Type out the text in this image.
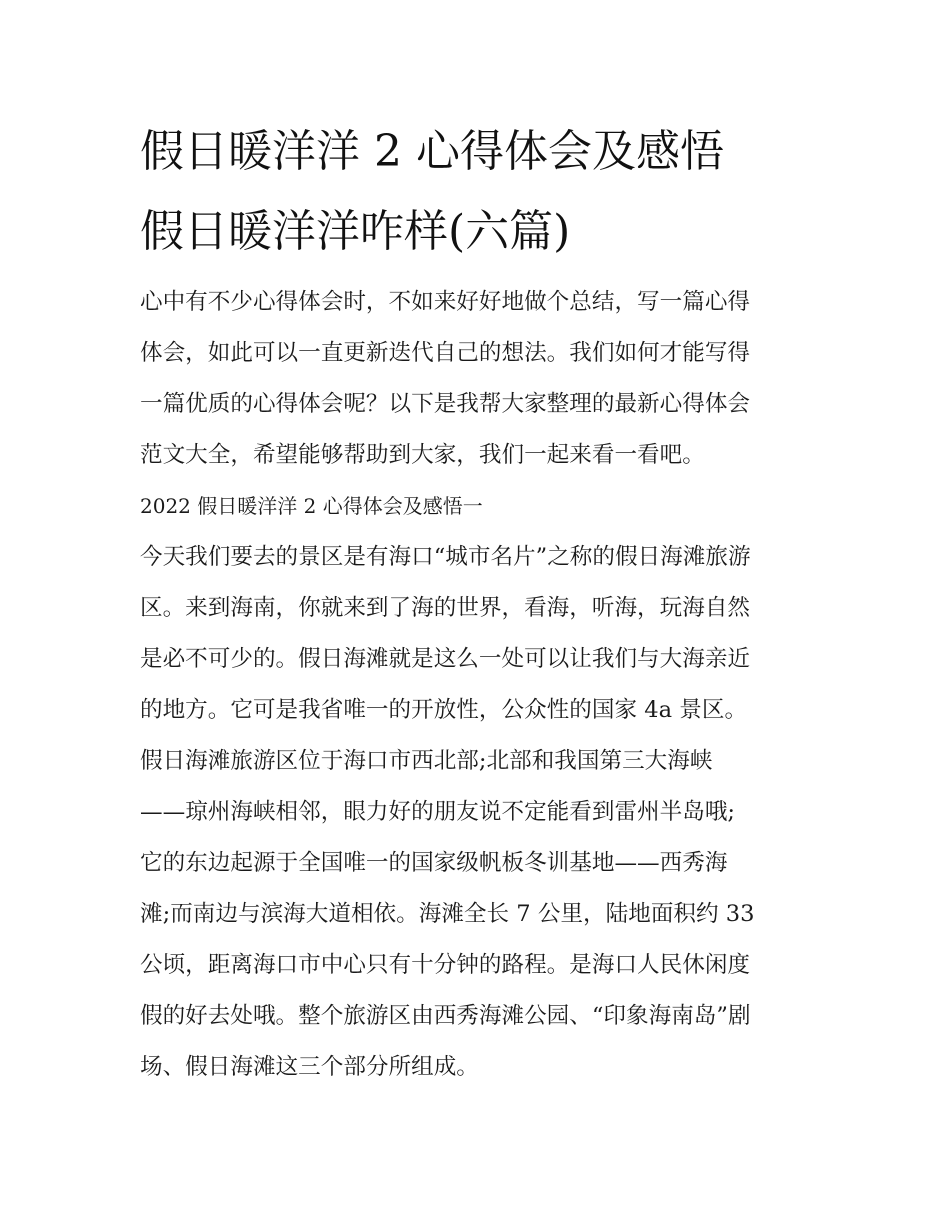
假日暖洋洋 2 心得体会及感悟
假日暖洋洋咋样(六篇)
心中有不少心得体会时，不如来好好地做个总结，写一篇心得
体会，如此可以一直更新迭代自己的想法。我们如何才能写得
一篇优质的心得体会呢？以下是我帮大家整理的最新心得体会
范文大全，希望能够帮助到大家，我们一起来看一看吧。
2022 假日暖洋洋 2 心得体会及感悟一
今天我们要去的景区是有海口“城市名片”之称的假日海滩旅游
区。来到海南，你就来到了海的世界，看海，听海，玩海自然
是必不可少的。假日海滩就是这么一处可以让我们与大海亲近
的地方。它可是我省唯一的开放性，公众性的国家 4a 景区。
假日海滩旅游区位于海口市西北部;北部和我国第三大海峡
——琼州海峡相邻，眼力好的朋友说不定能看到雷州半岛哦;
它的东边起源于全国唯一的国家级帆板冬训基地——西秀海
滩;而南边与滨海大道相依。海滩全长 7 公里，陆地面积约 33
公顷，距离海口市中心只有十分钟的路程。是海口人民休闲度
假的好去处哦。整个旅游区由西秀海滩公园、“印象海南岛”剧
场、假日海滩这三个部分所组成。
